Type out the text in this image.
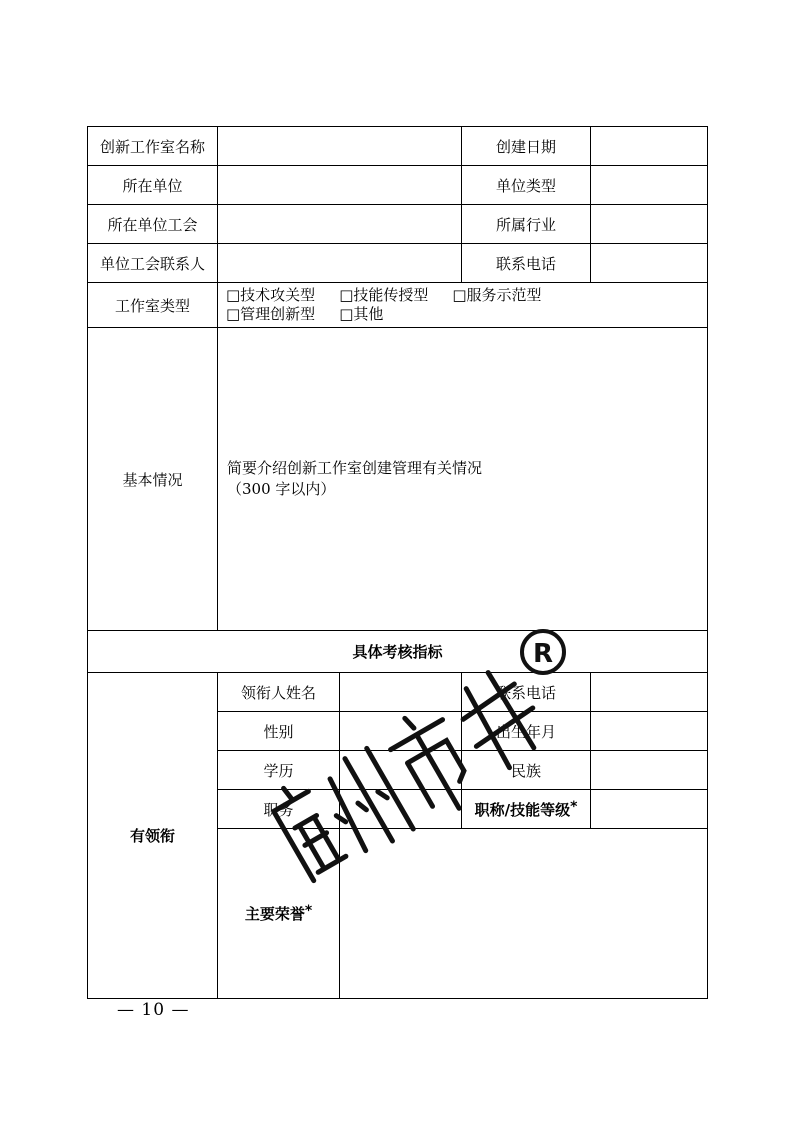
创新工作室名称			创建日期	
所在单位			单位类型	
所在单位工会			所属行业	
单位工会联系人			联系电话	
工作室类型	□技术攻关型 □技能传授型 □服务示范型
□管理创新型 □其他			

基本情况	简要介绍创新工作室创建管理有关情况
（300 字以内）			

具体考核指标				
有领衔	领衔人姓名		联系电话	
	性别		出生年月	
	学历		民族	
	职务		职称/技能等级*	
	主要荣誉*			
— 10 —
R
